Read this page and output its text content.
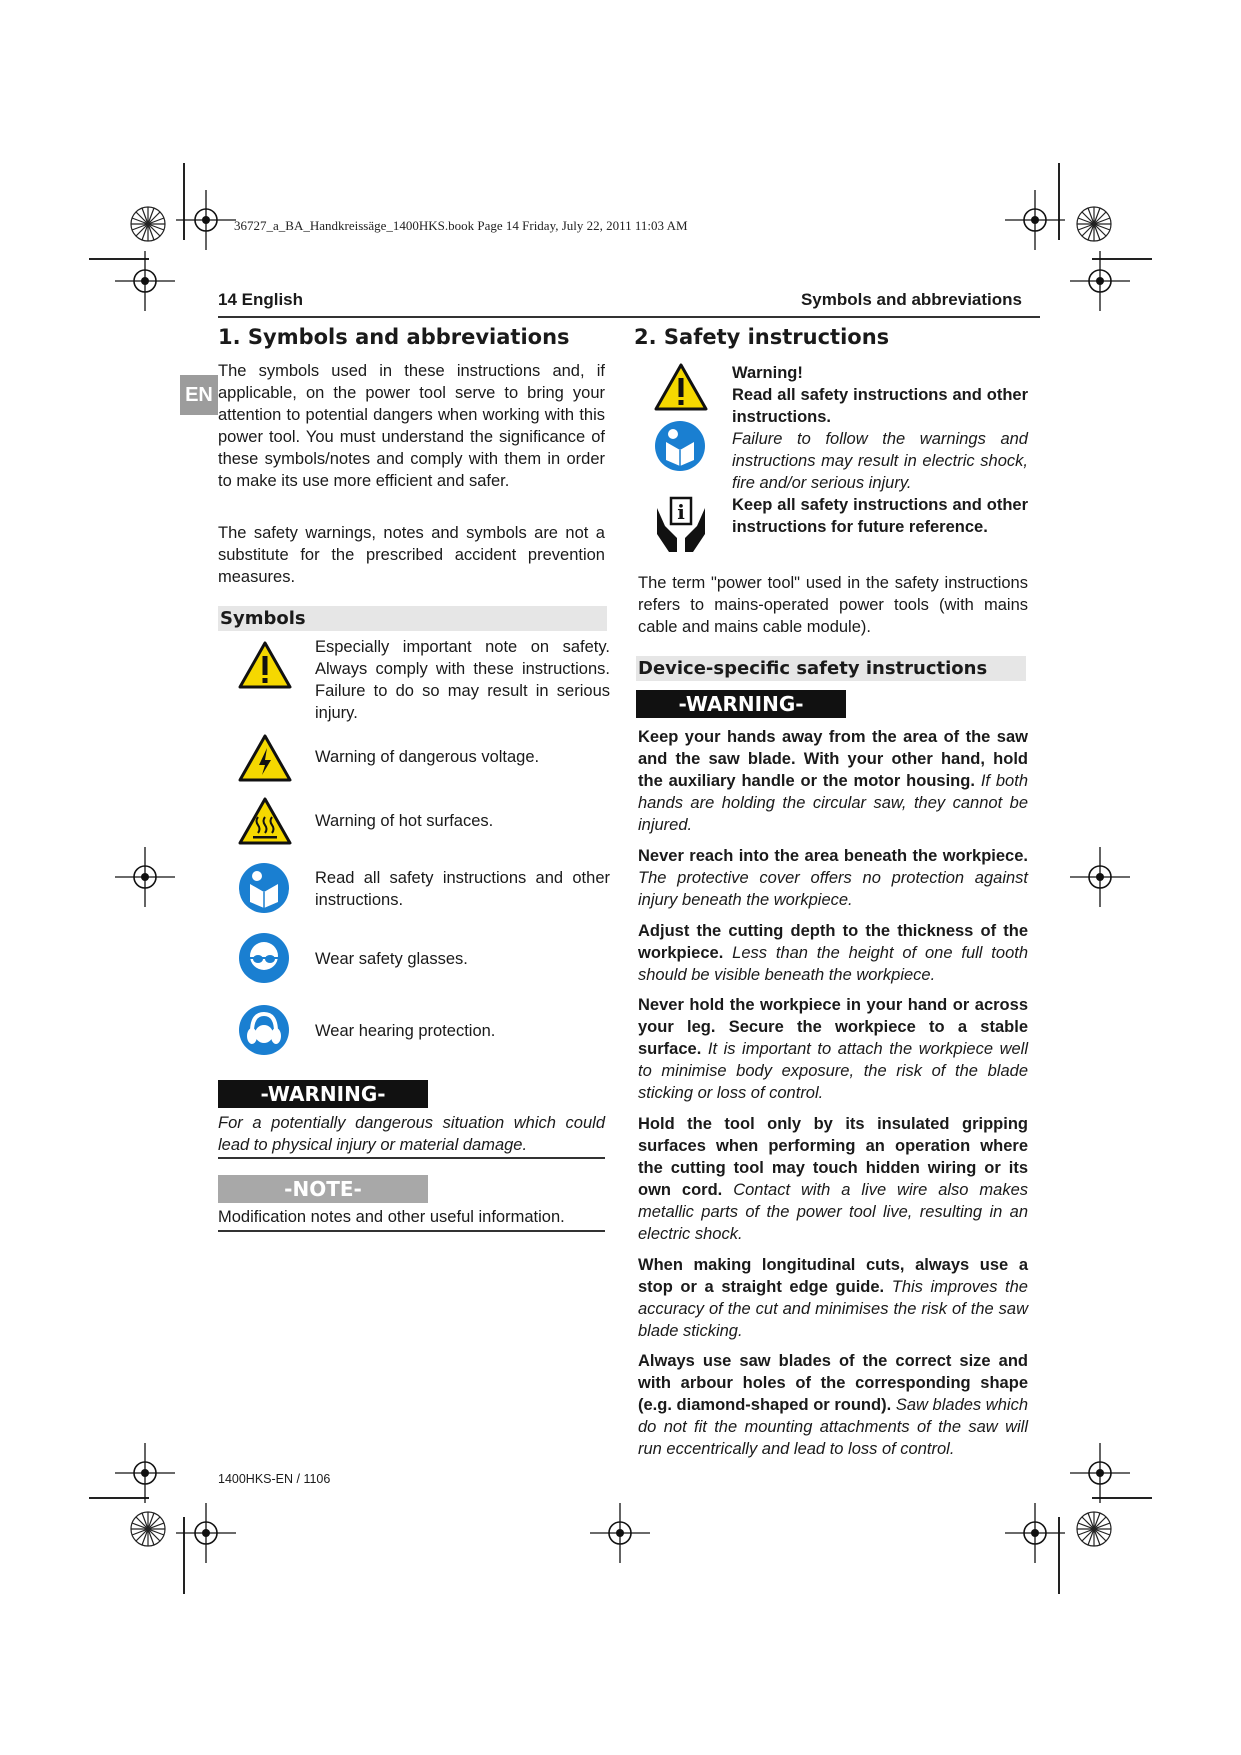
36727_a_BA_Handkreissäge_1400HKS.book Page 14 Friday, July 22, 2011 11:03 AM
14 English	Symbols and abbreviations
EN
1. Symbols and abbreviations
The symbols used in these instructions and, if applicable, on the power tool serve to bring your attention to potential dangers when working with this power tool. You must understand the significance of these symbols/notes and comply with them in order to make its use more efficient and safer.
The safety warnings, notes and symbols are not a substitute for the prescribed accident prevention measures.
Symbols
Especially important note on safety. Always comply with these instructions. Failure to do so may result in serious injury.
Warning of dangerous voltage.
Warning of hot surfaces.
Read all safety instructions and other instructions.
Wear safety glasses.
Wear hearing protection.
-WARNING-
For a potentially dangerous situation which could lead to physical injury or material damage.
-NOTE-
Modification notes and other useful information.
2. Safety instructions
i
Warning!
Read all safety instructions and other instructions.
Failure to follow the warnings and instructions may result in electric shock, fire and/or serious injury.
Keep all safety instructions and other instructions for future reference.
The term "power tool" used in the safety instructions refers to mains-operated power tools (with mains cable and mains cable module).
Device-specific safety instructions
-WARNING-
Keep your hands away from the area of the saw and the saw blade. With your other hand, hold the auxiliary handle or the motor housing. If both hands are holding the circular saw, they cannot be injured.
Never reach into the area beneath the workpiece. The protective cover offers no protection against injury beneath the workpiece.
Adjust the cutting depth to the thickness of the workpiece. Less than the height of one full tooth should be visible beneath the workpiece.
Never hold the workpiece in your hand or across your leg. Secure the workpiece to a stable surface. It is important to attach the workpiece well to minimise body exposure, the risk of the blade sticking or loss of control.
Hold the tool only by its insulated gripping surfaces when performing an operation where the cutting tool may touch hidden wiring or its own cord. Contact with a live wire also makes metallic parts of the power tool live, resulting in an electric shock.
When making longitudinal cuts, always use a stop or a straight edge guide. This improves the accuracy of the cut and minimises the risk of the saw blade sticking.
Always use saw blades of the correct size and with arbour holes of the corresponding shape (e.g. diamond-shaped or round). Saw blades which do not fit the mounting attachments of the saw will run eccentrically and lead to loss of control.
1400HKS-EN / 1106
